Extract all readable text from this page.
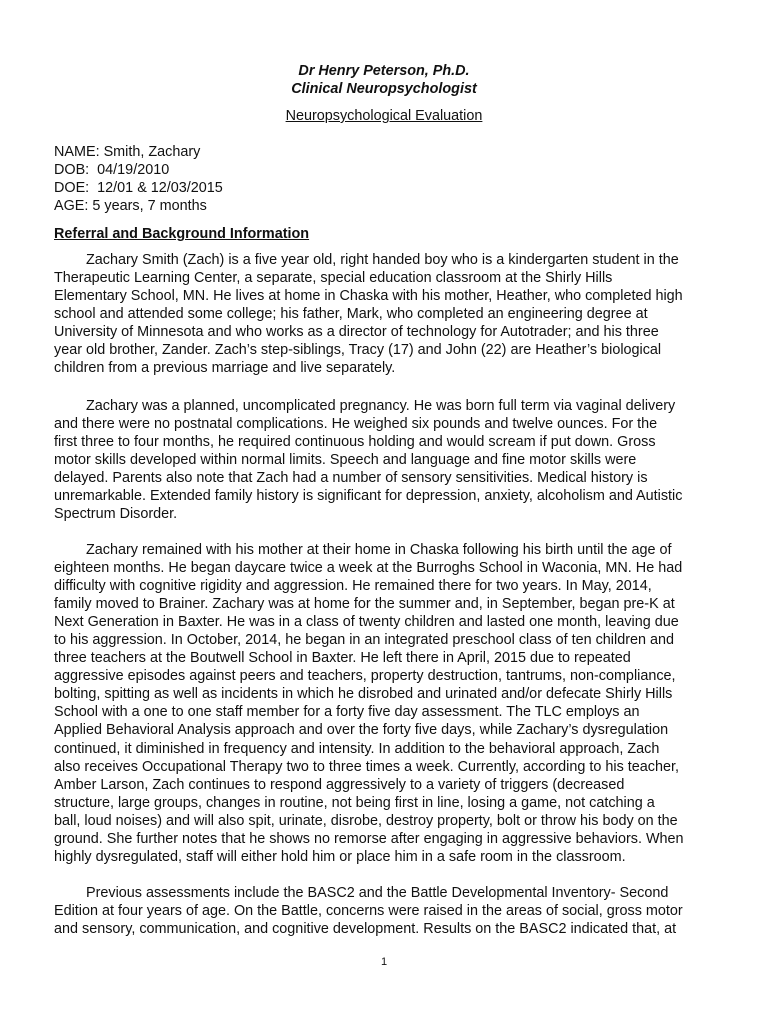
Dr Henry Peterson, Ph.D.
Clinical Neuropsychologist
Neuropsychological Evaluation
NAME: Smith, Zachary
DOB:  04/19/2010
DOE:  12/01 & 12/03/2015
AGE: 5 years, 7 months
Referral and Background Information
Zachary Smith (Zach) is a five year old, right handed boy who is a kindergarten student in the
Therapeutic Learning Center, a separate, special education classroom at the Shirly Hills
Elementary School, MN. He lives at home in Chaska with his mother, Heather, who completed high
school and attended some college; his father, Mark, who completed an engineering degree at
University of Minnesota and who works as a director of technology for Autotrader; and his three
year old brother, Zander. Zach’s step-siblings, Tracy (17) and John (22) are Heather’s biological
children from a previous marriage and live separately.
Zachary was a planned, uncomplicated pregnancy. He was born full term via vaginal delivery
and there were no postnatal complications. He weighed six pounds and twelve ounces. For the
first three to four months, he required continuous holding and would scream if put down. Gross
motor skills developed within normal limits. Speech and language and fine motor skills were
delayed. Parents also note that Zach had a number of sensory sensitivities. Medical history is
unremarkable. Extended family history is significant for depression, anxiety, alcoholism and Autistic
Spectrum Disorder.
Zachary remained with his mother at their home in Chaska following his birth until the age of
eighteen months. He began daycare twice a week at the Burroghs School in Waconia, MN. He had
difficulty with cognitive rigidity and aggression. He remained there for two years. In May, 2014,
family moved to Brainer. Zachary was at home for the summer and, in September, began pre-K at
Next Generation in Baxter. He was in a class of twenty children and lasted one month, leaving due
to his aggression. In October, 2014, he began in an integrated preschool class of ten children and
three teachers at the Boutwell School in Baxter. He left there in April, 2015 due to repeated
aggressive episodes against peers and teachers, property destruction, tantrums, non-compliance,
bolting, spitting as well as incidents in which he disrobed and urinated and/or defecate Shirly Hills
School with a one to one staff member for a forty five day assessment. The TLC employs an
Applied Behavioral Analysis approach and over the forty five days, while Zachary’s dysregulation
continued, it diminished in frequency and intensity. In addition to the behavioral approach, Zach
also receives Occupational Therapy two to three times a week. Currently, according to his teacher,
Amber Larson, Zach continues to respond aggressively to a variety of triggers (decreased
structure, large groups, changes in routine, not being first in line, losing a game, not catching a
ball, loud noises) and will also spit, urinate, disrobe, destroy property, bolt or throw his body on the
ground. She further notes that he shows no remorse after engaging in aggressive behaviors. When
highly dysregulated, staff will either hold him or place him in a safe room in the classroom.
Previous assessments include the BASC2 and the Battle Developmental Inventory- Second
Edition at four years of age. On the Battle, concerns were raised in the areas of social, gross motor
and sensory, communication, and cognitive development. Results on the BASC2 indicated that, at
1
